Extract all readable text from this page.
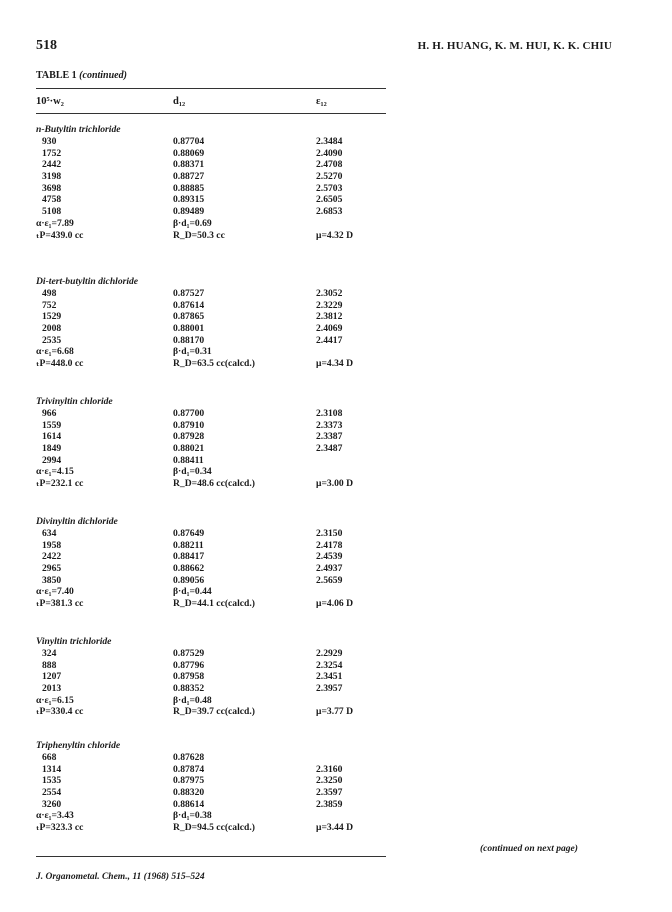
518	H. H. HUANG, K. M. HUI, K. K. CHIU
TABLE 1 (continued)
10⁵·w₂	d₁₂	ε₁₂
n-Butyltin trichloride
930	0.87704	2.3484
1752	0.88069	2.4090
2442	0.88371	2.4708
3198	0.88727	2.5270
3698	0.88885	2.5703
4758	0.89315	2.6505
5108	0.89489	2.6853
α·ε₁=7.89	β·d₁=0.69
ₜP=439.0 cc	R_D=50.3 cc	μ=4.32 D
Di-tert-butyltin dichloride
498	0.87527	2.3052
752	0.87614	2.3229
1529	0.87865	2.3812
2008	0.88001	2.4069
2535	0.88170	2.4417
α·ε₁=6.68	β·d₁=0.31
ₜP=448.0 cc	R_D=63.5 cc(calcd.)	μ=4.34 D
Trivinyltin chloride
966	0.87700	2.3108
1559	0.87910	2.3373
1614	0.87928	2.3387
1849	0.88021	2.3487
2994	0.88411
α·ε₁=4.15	β·d₁=0.34
ₜP=232.1 cc	R_D=48.6 cc(calcd.)	μ=3.00 D
Divinyltin dichloride
634	0.87649	2.3150
1958	0.88211	2.4178
2422	0.88417	2.4539
2965	0.88662	2.4937
3850	0.89056	2.5659
α·ε₁=7.40	β·d₁=0.44
ₜP=381.3 cc	R_D=44.1 cc(calcd.)	μ=4.06 D
Vinyltin trichloride
324	0.87529	2.2929
888	0.87796	2.3254
1207	0.87958	2.3451
2013	0.88352	2.3957
α·ε₁=6.15	β·d₁=0.48
ₜP=330.4 cc	R_D=39.7 cc(calcd.)	μ=3.77 D
Triphenyltin chloride
668	0.87628
1314	0.87874	2.3160
1535	0.87975	2.3250
2554	0.88320	2.3597
3260	0.88614	2.3859
α·ε₁=3.43	β·d₁=0.38
ₜP=323.3 cc	R_D=94.5 cc(calcd.)	μ=3.44 D
(continued on next page)
J. Organometal. Chem., 11 (1968) 515–524
